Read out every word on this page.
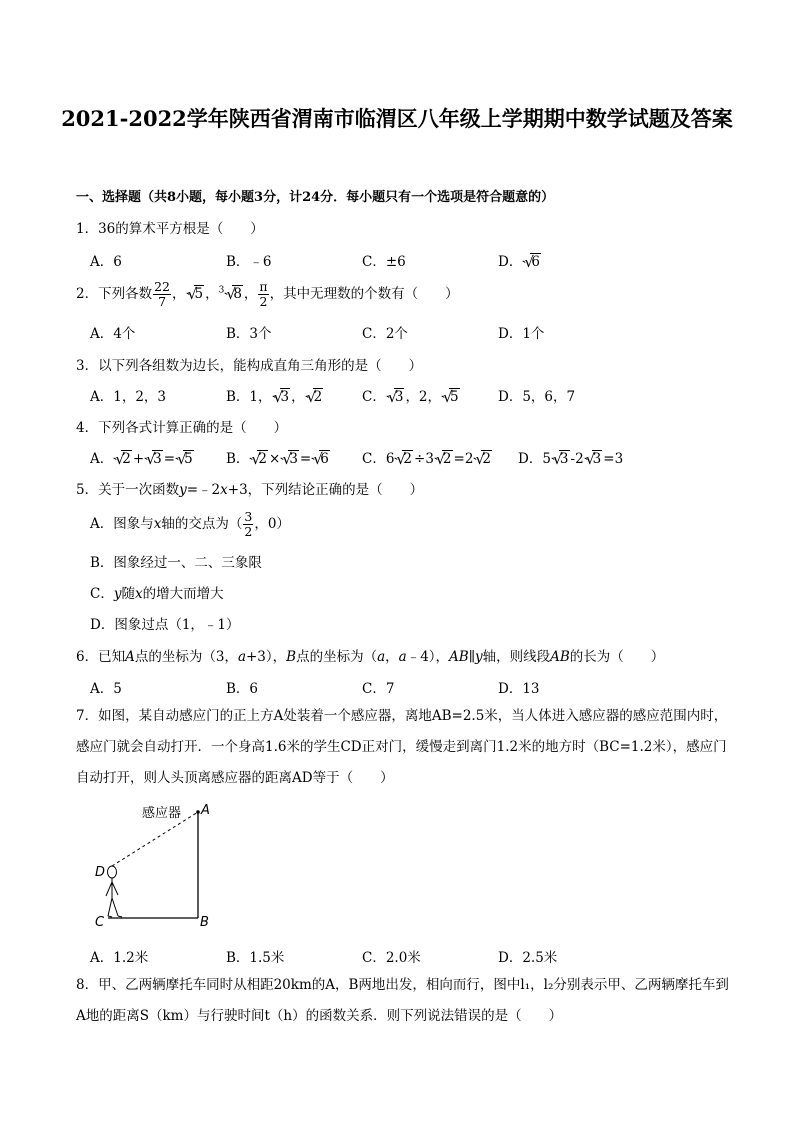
2021-2022学年陕西省渭南市临渭区八年级上学期期中数学试题及答案
一、选择题（共8小题，每小题3分，计24分．每小题只有一个选项是符合题意的）
1．36的算术平方根是（　　）
A．6	B．﹣6	C．±6	D． √
6
2．下列各数 $\frac{22}{7}$ ， √
5 ，$^3$ √
8 ， $\frac{\pi}{2}$ ，其中无理数的个数有（　　）
A．4个	B．3个	C．2个	D．1个
3．以下列各组数为边长，能构成直角三角形的是（　　）
A．1，2，3	B．1， √
3 ， √
2	C． √
3 ，2， √
5	D．5，6，7
4．下列各式计算正确的是（　　）
A． √
2 + √
3 = √
5 B． √
2 × √
3 = √
6 C．6 √
2 ÷3 √
2 =2 √
2 D．5 √
3 -2 √
3 =3
5．关于一次函数y=﹣2x+3，下列结论正确的是（　　）
A．图象与x轴的交点为（ $\frac{3}{2}$ ，0）
B．图象经过一、二、三象限
C．y随x的增大而增大
D．图象过点（1，﹣1）
6．已知A点的坐标为（3，a+3），B点的坐标为（a，a﹣4），AB∥y轴，则线段AB的长为（　　）
A．5	B．6	C．7	D．13
7．如图，某自动感应门的正上方A处装着一个感应器，离地AB=2.5米，当人体进入感应器的感应范围内时，感应门就会自动打开．一个身高1.6米的学生CD正对门，缓慢走到离门1.2米的地方时（BC=1.2米），感应门自动打开，则人头顶离感应器的距离AD等于（　　）
感应器 A
B
C
D
A．1.2米	B．1.5米	C．2.0米	D．2.5米
8．甲、乙两辆摩托车同时从相距20km的A，B两地出发，相向而行，图中l₁，l₂分别表示甲、乙两辆摩托车到A地的距离S（km）与行驶时间t（h）的函数关系．则下列说法错误的是（　　）
